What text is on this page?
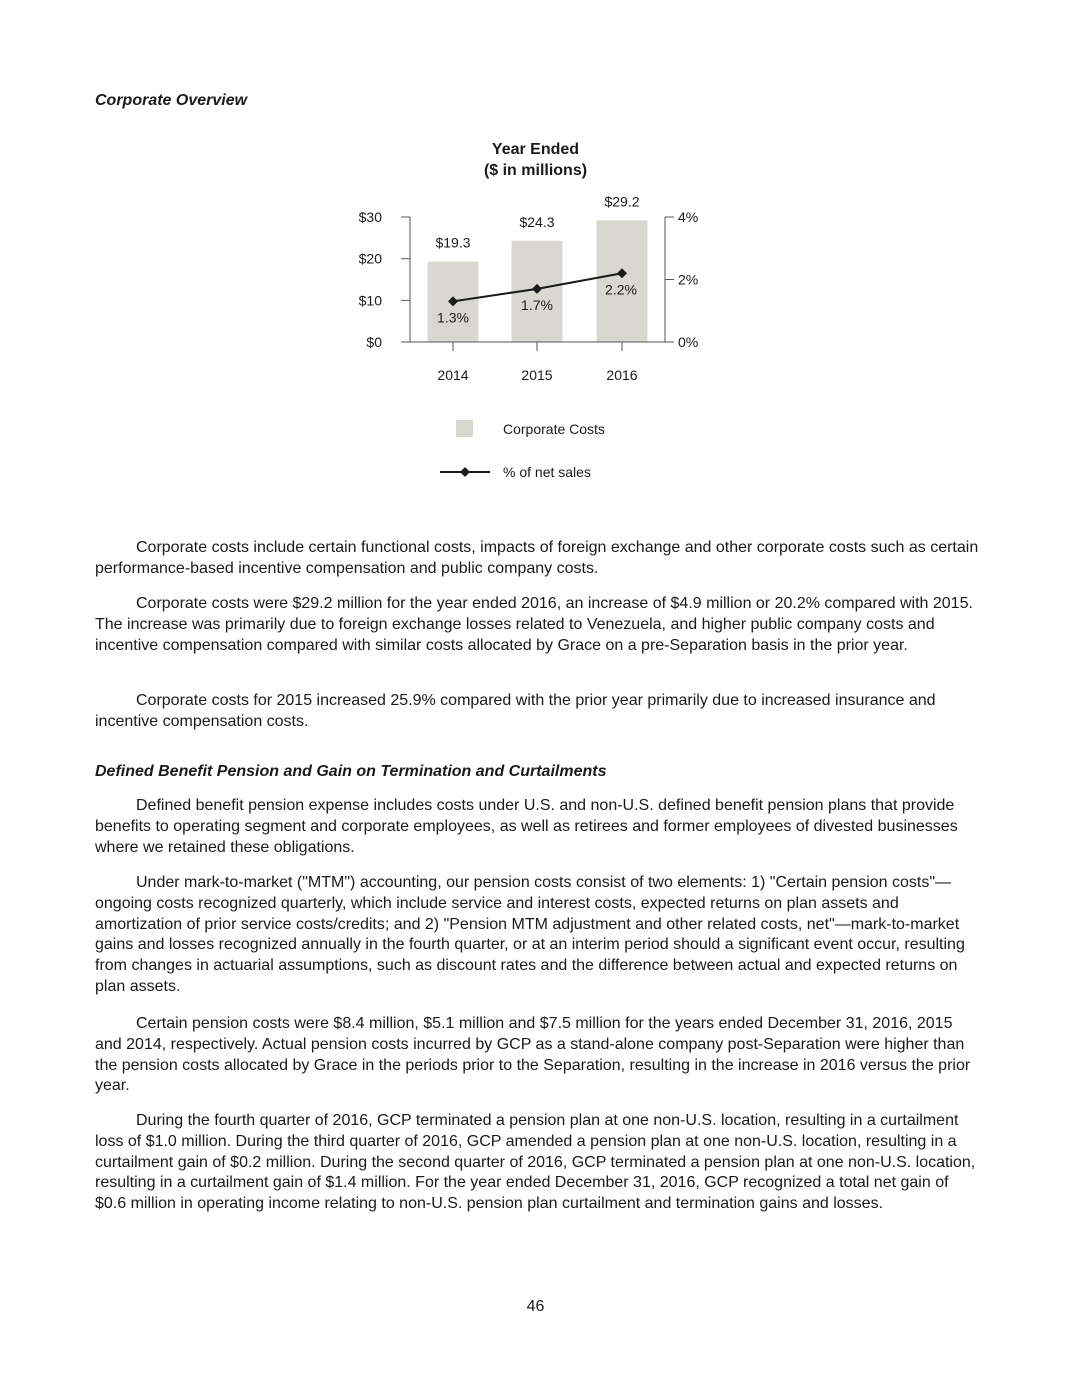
Corporate Overview

Year Ended

($ in millions)

$0
$10
$20
$30
0%
2%
4%
2014	2015	2016
$19.3
$24.3
$29.2
1.3%
1.7%
2.2%
Corporate Costs
% of net sales
Defined Benefit Pension and Gain on Termination and Curtailments

Corporate costs include certain functional costs, impacts of foreign exchange and other corporate costs such as certain performance-based incentive compensation and public company costs.

Corporate costs were $29.2 million for the year ended 2016, an increase of $4.9 million or 20.2% compared with 2015. The increase was primarily due to foreign exchange losses related to Venezuela, and higher public company costs and incentive compensation compared with similar costs allocated by Grace on a pre-Separation basis in the prior year.

Corporate costs for 2015 increased 25.9% compared with the prior year primarily due to increased insurance and incentive compensation costs.

Defined benefit pension expense includes costs under U.S. and non-U.S. defined benefit pension plans that provide benefits to operating segment and corporate employees, as well as retirees and former employees of divested businesses where we retained these obligations.

Under mark-to-market ("MTM") accounting, our pension costs consist of two elements: 1) "Certain pension costs"—ongoing costs recognized quarterly, which include service and interest costs, expected returns on plan assets and amortization of prior service costs/credits; and 2) "Pension MTM adjustment and other related costs, net"—mark-to-market gains and losses recognized annually in the fourth quarter, or at an interim period should a significant event occur, resulting from changes in actuarial assumptions, such as discount rates and the difference between actual and expected returns on plan assets.

Certain pension costs were $8.4 million, $5.1 million and $7.5 million for the years ended December 31, 2016, 2015 and 2014, respectively. Actual pension costs incurred by GCP as a stand-alone company post-Separation were higher than the pension costs allocated by Grace in the periods prior to the Separation, resulting in the increase in 2016 versus the prior year.

During the fourth quarter of 2016, GCP terminated a pension plan at one non-U.S. location, resulting in a curtailment loss of $1.0 million. During the third quarter of 2016, GCP amended a pension plan at one non-U.S. location, resulting in a curtailment gain of $0.2 million. During the second quarter of 2016, GCP terminated a pension plan at one non-U.S. location, resulting in a curtailment gain of $1.4 million. For the year ended December 31, 2016, GCP recognized a total net gain of $0.6 million in operating income relating to non-U.S. pension plan curtailment and termination gains and losses.

46
